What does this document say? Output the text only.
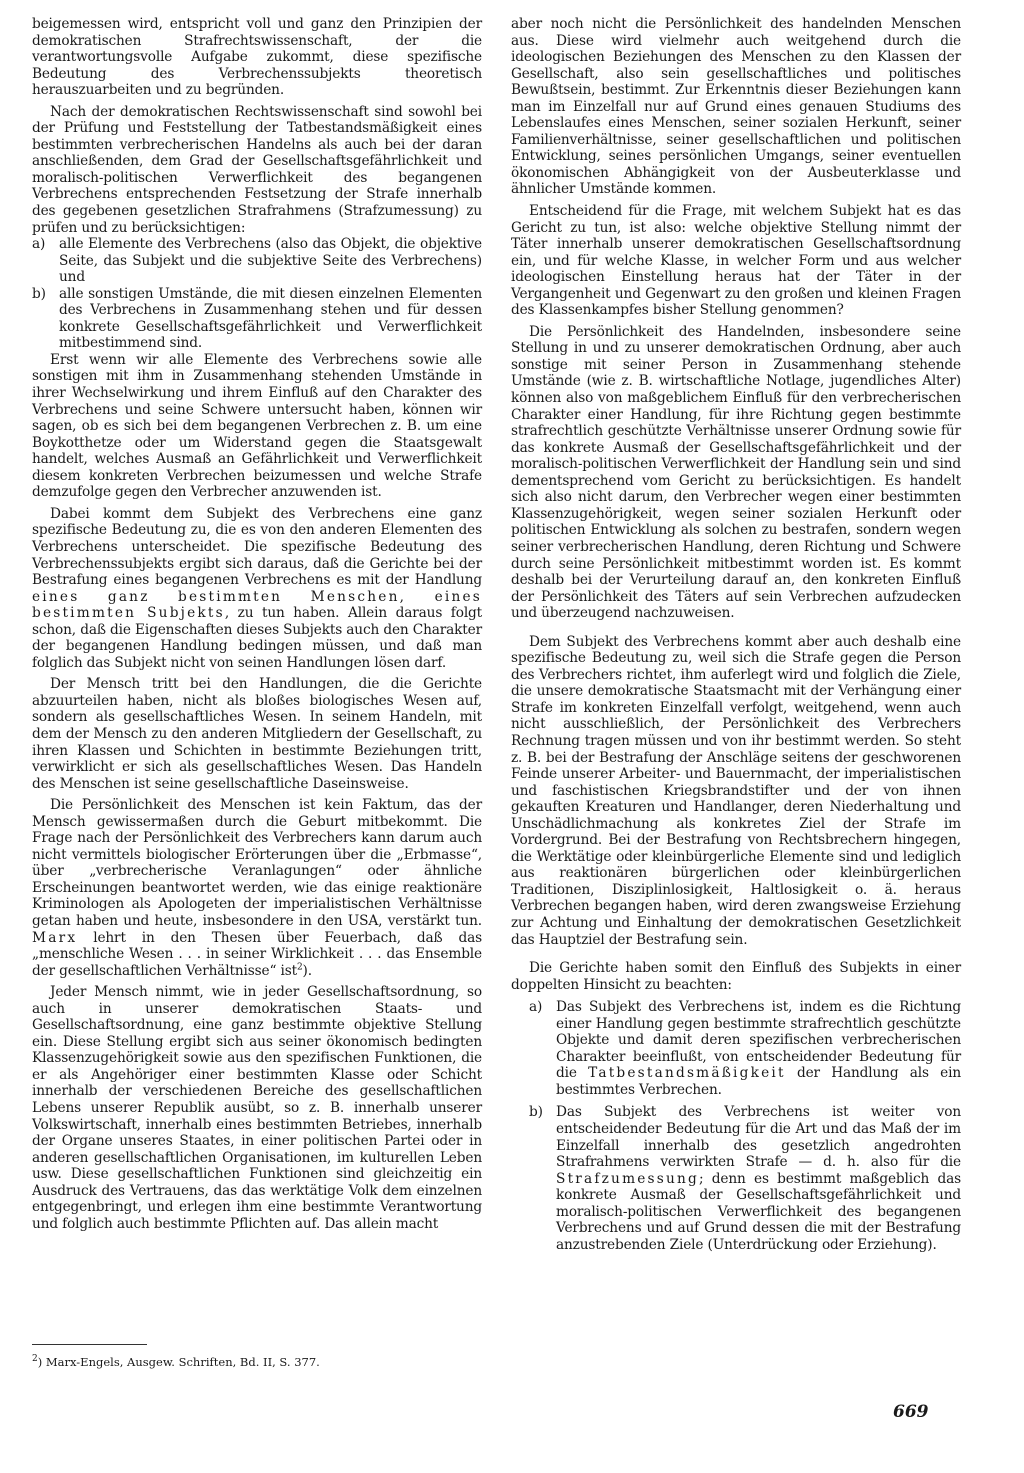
beigemessen wird, entspricht voll und ganz den Prinzipien der demokratischen Strafrechtswissenschaft, der die verantwortungsvolle Aufgabe zukommt, diese spezifische Bedeutung des Verbrechenssubjekts theoretisch herauszuarbeiten und zu begründen.

Nach der demokratischen Rechtswissenschaft sind sowohl bei der Prüfung und Feststellung der Tatbestandsmäßigkeit eines bestimmten verbrecherischen Handelns als auch bei der daran anschließenden, dem Grad der Gesellschaftsgefährlichkeit und moralisch-politischen Verwerflichkeit des begangenen Verbrechens entsprechenden Festsetzung der Strafe innerhalb des gegebenen gesetzlichen Strafrahmens (Strafzumessung) zu prüfen und zu berücksichtigen:

a)	alle Elemente des Verbrechens (also das Objekt, die objektive Seite, das Subjekt und die subjektive Seite des Verbrechens) und
b) alle sonstigen Umstände, die mit diesen einzelnen Elementen des Verbrechens in Zusammenhang stehen und für dessen konkrete Gesellschaftsgefährlichkeit und Verwerflichkeit mitbestimmend sind.

Erst wenn wir alle Elemente des Verbrechens sowie alle sonstigen mit ihm in Zusammenhang stehenden Umstände in ihrer Wechselwirkung und ihrem Einfluß auf den Charakter des Verbrechens und seine Schwere untersucht haben, können wir sagen, ob es sich bei dem begangenen Verbrechen z. B. um eine Boykotthetze oder um Widerstand gegen die Staatsgewalt handelt, welches Ausmaß an Gefährlichkeit und Verwerflichkeit diesem konkreten Verbrechen beizumessen und welche Strafe demzufolge gegen den Verbrecher anzuwenden ist.

Dabei kommt dem Subjekt des Verbrechens eine ganz spezifische Bedeutung zu, die es von den anderen Elementen des Verbrechens unterscheidet. Die spezifische Bedeutung des Verbrechenssubjekts ergibt sich daraus, daß die Gerichte bei der Bestrafung eines begangenen Verbrechens es mit der Handlung eines ganz bestimmten Menschen, eines bestimmten Subjekts, zu tun haben. Allein daraus folgt schon, daß die Eigenschaften dieses Subjekts auch den Charakter der begangenen Handlung bedingen müssen, und daß man folglich das Subjekt nicht von seinen Handlungen lösen darf.

Der Mensch tritt bei den Handlungen, die die Gerichte abzuurteilen haben, nicht als bloßes biologisches Wesen auf, sondern als gesellschaftliches Wesen. In seinem Handeln, mit dem der Mensch zu den anderen Mitgliedern der Gesellschaft, zu ihren Klassen und Schichten in bestimmte Beziehungen tritt, verwirklicht er sich als gesellschaftliches Wesen. Das Handeln des Menschen ist seine gesellschaftliche Daseinsweise.

Die Persönlichkeit des Menschen ist kein Faktum, das der Mensch gewissermaßen durch die Geburt mitbekommt. Die Frage nach der Persönlichkeit des Verbrechers kann darum auch nicht vermittels biologischer Erörterungen über die „Erbmasse“, über „verbrecherische Veranlagungen“ oder ähnliche Erscheinungen beantwortet werden, wie das einige reaktionäre Kriminologen als Apologeten der imperialistischen Verhältnisse getan haben und heute, insbesondere in den USA, verstärkt tun. Marx lehrt in den Thesen über Feuerbach, daß das „menschliche Wesen . . . in seiner Wirklichkeit . . . das Ensemble der gesellschaftlichen Verhältnisse“ ist$^2$).

Jeder Mensch nimmt, wie in jeder Gesellschaftsordnung, so auch in unserer demokratischen Staats- und Gesellschaftsordnung, eine ganz bestimmte objektive Stellung ein. Diese Stellung ergibt sich aus seiner ökonomisch bedingten Klassenzugehörigkeit sowie aus den spezifischen Funktionen, die er als Angehöriger einer bestimmten Klasse oder Schicht innerhalb der verschiedenen Bereiche des gesellschaftlichen Lebens unserer Republik ausübt, so z. B. innerhalb unserer Volkswirtschaft, innerhalb eines bestimmten Betriebes, innerhalb der Organe unseres Staates, in einer politischen Partei oder in anderen gesellschaftlichen Organisationen, im kulturellen Leben usw. Diese gesellschaftlichen Funktionen sind gleichzeitig ein Ausdruck des Vertrauens, das das werktätige Volk dem einzelnen entgegenbringt, und erlegen ihm eine bestimmte Verantwortung und folglich auch bestimmte Pflichten auf. Das allein macht

aber noch nicht die Persönlichkeit des handelnden Menschen aus. Diese wird vielmehr auch weitgehend durch die ideologischen Beziehungen des Menschen zu den Klassen der Gesellschaft, also sein gesellschaftliches und politisches Bewußtsein, bestimmt. Zur Erkenntnis dieser Beziehungen kann man im Einzelfall nur auf Grund eines genauen Studiums des Lebenslaufes eines Menschen, seiner sozialen Herkunft, seiner Familienverhältnisse, seiner gesellschaftlichen und politischen Entwicklung, seines persönlichen Umgangs, seiner eventuellen ökonomischen Abhängigkeit von der Ausbeuterklasse und ähnlicher Umstände kommen.

Entscheidend für die Frage, mit welchem Subjekt hat es das Gericht zu tun, ist also: welche objektive Stellung nimmt der Täter innerhalb unserer demokratischen Gesellschaftsordnung ein, und für welche Klasse, in welcher Form und aus welcher ideologischen Einstellung heraus hat der Täter in der Vergangenheit und Gegenwart zu den großen und kleinen Fragen des Klassenkampfes bisher Stellung genommen?

Die Persönlichkeit des Handelnden, insbesondere seine Stellung in und zu unserer demokratischen Ordnung, aber auch sonstige mit seiner Person in Zusammenhang stehende Umstände (wie z. B. wirtschaftliche Notlage, jugendliches Alter) können also von maßgeblichem Einfluß für den verbrecherischen Charakter einer Handlung, für ihre Richtung gegen bestimmte strafrechtlich geschützte Verhältnisse unserer Ordnung sowie für das konkrete Ausmaß der Gesellschaftsgefährlichkeit und der moralisch-politischen Verwerflichkeit der Handlung sein und sind dementsprechend vom Gericht zu berücksichtigen. Es handelt sich also nicht darum, den Verbrecher wegen einer bestimmten Klassenzugehörigkeit, wegen seiner sozialen Herkunft oder politischen Entwicklung als solchen zu bestrafen, sondern wegen seiner verbrecherischen Handlung, deren Richtung und Schwere durch seine Persönlichkeit mitbestimmt worden ist. Es kommt deshalb bei der Verurteilung darauf an, den konkreten Einfluß der Persönlichkeit des Täters auf sein Verbrechen aufzudecken und überzeugend nachzuweisen.

Dem Subjekt des Verbrechens kommt aber auch deshalb eine spezifische Bedeutung zu, weil sich die Strafe gegen die Person des Verbrechers richtet, ihm auferlegt wird und folglich die Ziele, die unsere demokratische Staatsmacht mit der Verhängung einer Strafe im konkreten Einzelfall verfolgt, weitgehend, wenn auch nicht ausschließlich, der Persönlichkeit des Verbrechers Rechnung tragen müssen und von ihr bestimmt werden. So steht z. B. bei der Bestrafung der Anschläge seitens der geschworenen Feinde unserer Arbeiter- und Bauernmacht, der imperialistischen und faschistischen Kriegsbrandstifter und der von ihnen gekauften Kreaturen und Handlanger, deren Niederhaltung und Unschädlichmachung als konkretes Ziel der Strafe im Vordergrund. Bei der Bestrafung von Rechtsbrechern hingegen, die Werktätige oder kleinbürgerliche Elemente sind und lediglich aus reaktionären bürgerlichen oder kleinbürgerlichen Traditionen, Disziplinlosigkeit, Haltlosigkeit o. ä. heraus Verbrechen begangen haben, wird deren zwangsweise Erziehung zur Achtung und Einhaltung der demokratischen Gesetzlichkeit das Hauptziel der Bestrafung sein.

Die Gerichte haben somit den Einfluß des Subjekts in einer doppelten Hinsicht zu beachten:

a)	Das Subjekt des Verbrechens ist, indem es die Richtung einer Handlung gegen bestimmte strafrechtlich geschützte Objekte und damit deren spezifischen verbrecherischen Charakter beeinflußt, von entscheidender Bedeutung für die Tatbestandsmäßigkeit der Handlung als ein bestimmtes Verbrechen.
b) Das Subjekt des Verbrechens ist weiter von entscheidender Bedeutung für die Art und das Maß der im Einzelfall innerhalb des gesetzlich angedrohten Strafrahmens verwirkten Strafe — d. h. also für die Strafzumessung; denn es bestimmt maßgeblich das konkrete Ausmaß der Gesellschaftsgefährlichkeit und moralisch-politischen Verwerflichkeit des begangenen Verbrechens und auf Grund dessen die mit der Bestrafung anzustrebenden Ziele (Unterdrückung oder Erziehung).
$^2$) Marx-Engels, Ausgew. Schriften, Bd. II, S. 377.
669
